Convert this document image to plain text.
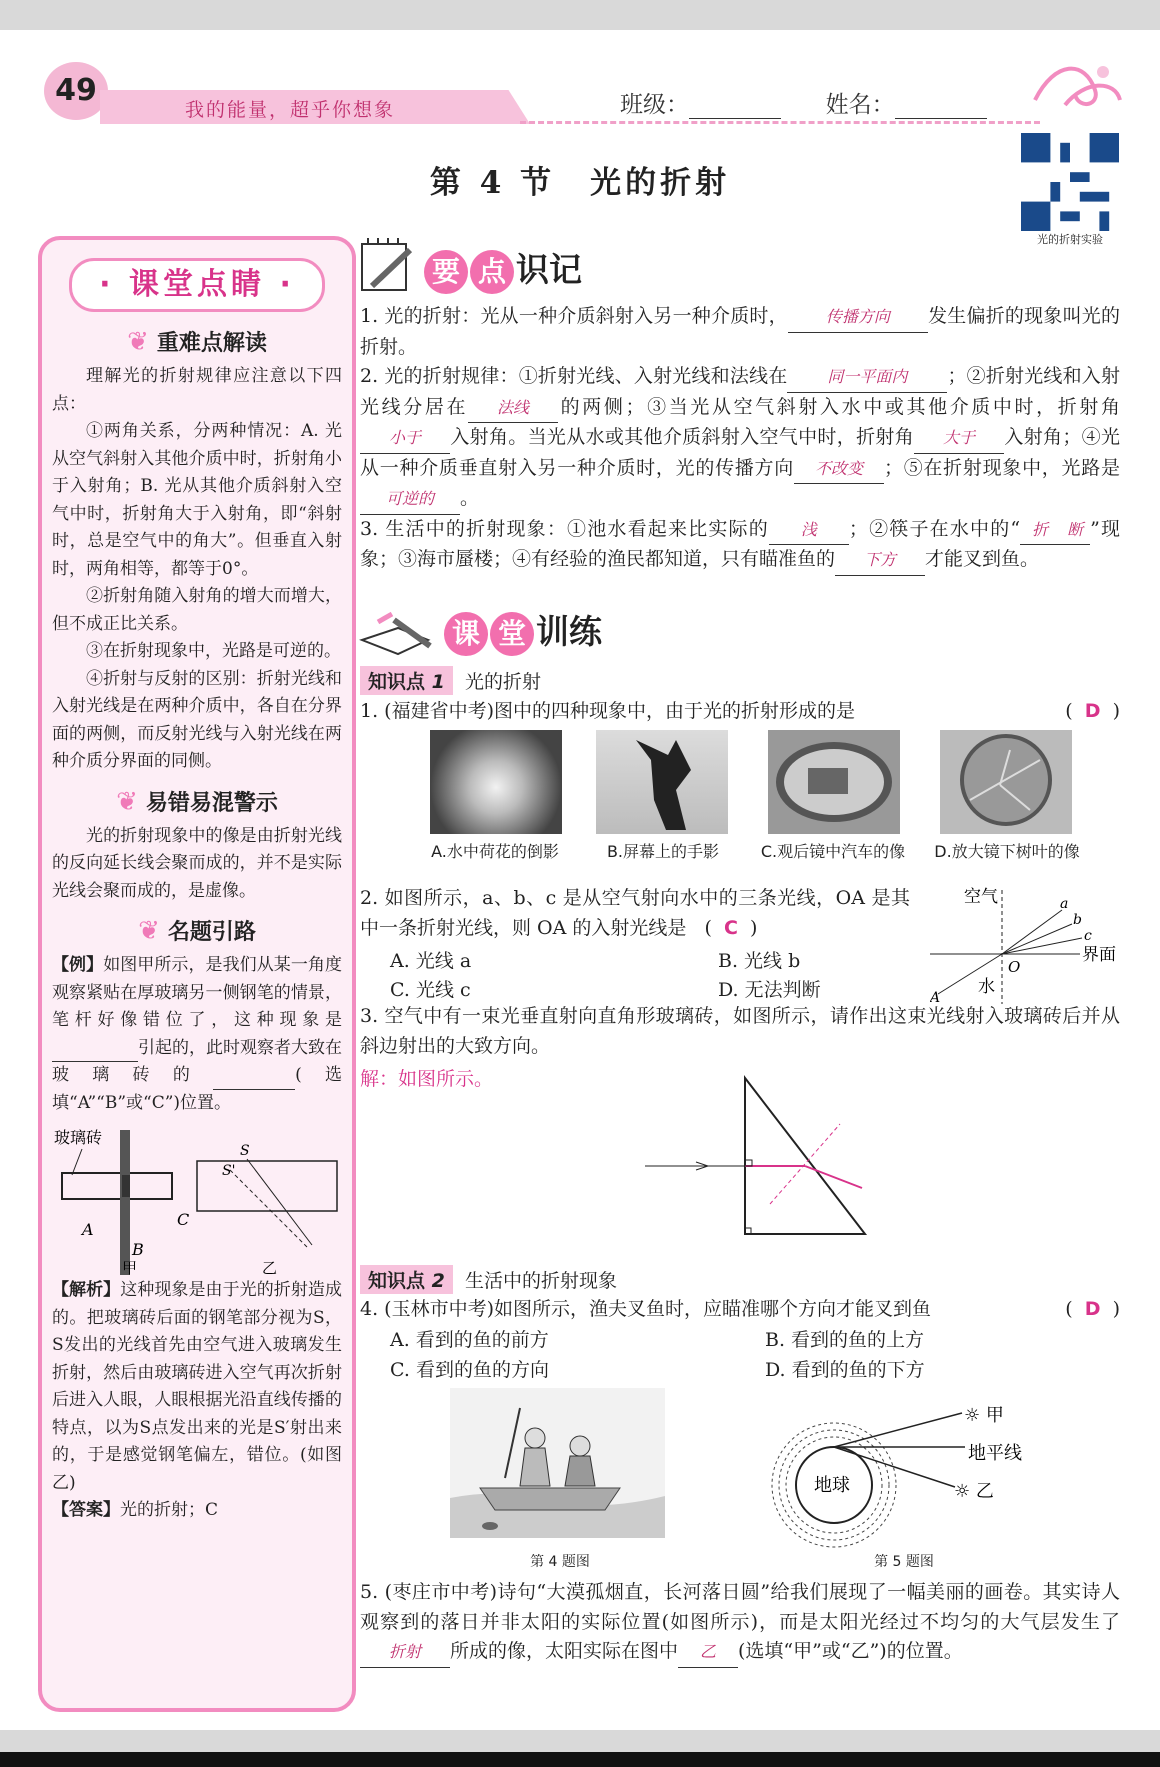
49
我的能量，超乎你想象	班级：	姓名：
第 4 节　光的折射
光的折射实验
· 课堂点睛 ·
❦ 重难点解读

理解光的折射规律应注意以下四点：

①两角关系，分两种情况：A. 光从空气斜射入其他介质中时，折射角小于入射角；B. 光从其他介质斜射入空气中时，折射角大于入射角，即“斜射时，总是空气中的角大”。但垂直入射时，两角相等，都等于0°。

②折射角随入射角的增大而增大，但不成正比关系。

③在折射现象中，光路是可逆的。

④折射与反射的区别：折射光线和入射光线是在两种介质中，各自在分界面的两侧，而反射光线与入射光线在两种介质分界面的同侧。

❦ 易错易混警示

光的折射现象中的像是由折射光线的反向延长线会聚而成的，并不是实际光线会聚而成的，是虚像。

❦ 名题引路

【例】如图甲所示，是我们从某一角度观察紧贴在厚玻璃另一侧钢笔的情景，笔杆好像错位了，这种现象是引起的，此时观察者大致在玻璃砖的	(选填“A”“B”或“C”)位置。

玻璃砖
A
B
C
甲
S
S'
乙

【解析】这种现象是由于光的折射造成的。把玻璃砖后面的钢笔部分视为S，S发出的光线首先由空气进入玻璃发生折射，然后由玻璃砖进入空气再次折射后进入人眼，人眼根据光沿直线传播的特点，以为S点发出来的光是S′射出来的，于是感觉钢笔偏左，错位。(如图乙)

【答案】光的折射；C

要 点 识记

1. 光的折射：光从一种介质斜射入另一种介质时， 传播方向 发生偏折的现象叫光的折射。

2. 光的折射规律：①折射光线、入射光线和法线在 同一平面内 ；②折射光线和入射光线分居在 法线 的两侧；③当光从空气斜射入水中或其他介质中时，折射角小于 入射角。当光从水或其他介质斜射入空气中时，折射角 大于 入射角；④光从一种介质垂直射入另一种介质时，光的传播方向 不改变 ；⑤在折射现象中，光路是可逆的 。

3. 生活中的折射现象：①池水看起来比实际的 浅 ；②筷子在水中的“ 折 断 ”现象；③海市蜃楼；④有经验的渔民都知道，只有瞄准鱼的 下方 才能叉到鱼。

课 堂 训练
知识点 1 光的折射

1. (福建省中考)图中的四种现象中，由于光的折射形成的是	(  D  )

A.水中荷花的倒影	B.屏幕上的手影	C.观后镜中汽车的像 D.放大镜下树叶的像

2. 如图所示，a、b、c 是从空气射向水中的三条光线，OA 是其中一条折射光线，则 OA 的入射光线是   (  C  )

A. 光线 a	B. 光线 b
C. 光线 c	D. 无法判断
空气
界面
a
b
c
A
O
水

3. 空气中有一束光垂直射向直角形玻璃砖，如图所示，请作出这束光线射入玻璃砖后并从斜边射出的大致方向。

解：如图所示。

知识点 2 生活中的折射现象

4. (玉林市中考)如图所示，渔夫叉鱼时，应瞄准哪个方向才能叉到鱼	(  D  )

A. 看到的鱼的前方	B. 看到的鱼的上方
C. 看到的鱼的方向	D. 看到的鱼的下方
第 4 题图
地球
☼ 甲
地平线
☼ 乙
第 5 题图

5. (枣庄市中考)诗句“大漠孤烟直，长河落日圆”给我们展现了一幅美丽的画卷。其实诗人观察到的落日并非太阳的实际位置(如图所示)，而是太阳光经过不均匀的大气层发生了折射 所成的像，太阳实际在图中 乙 (选填“甲”或“乙”)的位置。
